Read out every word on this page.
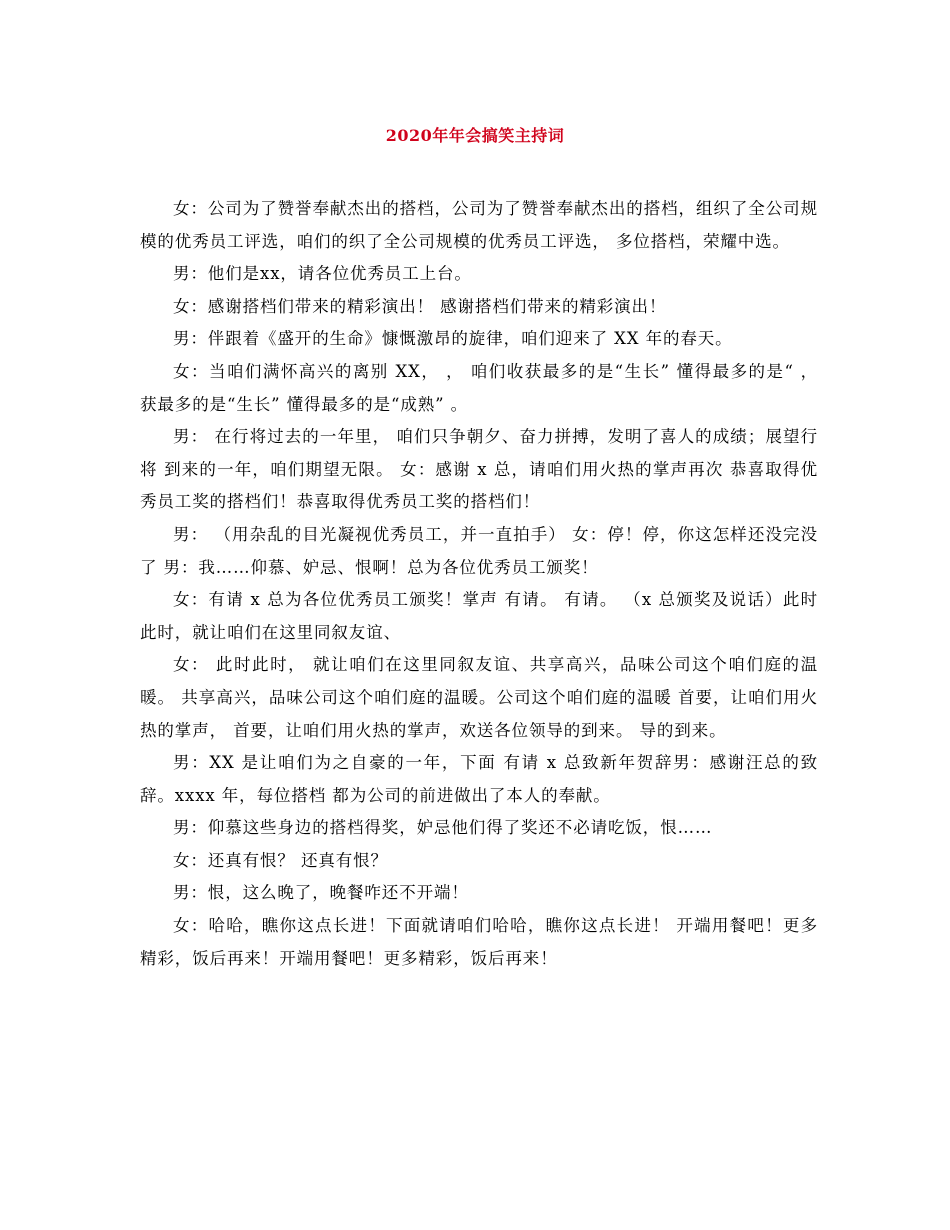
2020年年会搞笑主持词

女：公司为了赞誉奉献杰出的搭档，公司为了赞誉奉献杰出的搭档，组织了全公司规模的优秀员工评选，咱们的织了全公司规模的优秀员工评选， 多位搭档，荣耀中选。

男：他们是xx，请各位优秀员工上台。

女：感谢搭档们带来的精彩演出！ 感谢搭档们带来的精彩演出！

男：伴跟着《盛开的生命》慷慨激昂的旋律，咱们迎来了 XX 年的春天。

女：当咱们满怀高兴的离别 XX， ， 咱们收获最多的是“生长” 懂得最多的是“ ， 获最多的是“生长” 懂得最多的是“成熟” 。

男： 在行将过去的一年里， 咱们只争朝夕、奋力拼搏，发明了喜人的成绩；展望行将 到来的一年，咱们期望无限。 女：感谢 x 总，请咱们用火热的掌声再次 恭喜取得优秀员工奖的搭档们！恭喜取得优秀员工奖的搭档们！

男： （用杂乱的目光凝视优秀员工，并一直拍手） 女：停！停，你这怎样还没完没了 男：我……仰慕、妒忌、恨啊！总为各位优秀员工颁奖！

女：有请 x 总为各位优秀员工颁奖！掌声 有请。 有请。 （x 总颁奖及说话）此时此时，就让咱们在这里同叙友谊、

女： 此时此时， 就让咱们在这里同叙友谊、共享高兴，品味公司这个咱们庭的温暖。 共享高兴，品味公司这个咱们庭的温暖。公司这个咱们庭的温暖 首要，让咱们用火热的掌声， 首要，让咱们用火热的掌声，欢送各位领导的到来。 导的到来。

男：XX 是让咱们为之自豪的一年，下面 有请 x 总致新年贺辞男：感谢汪总的致辞。xxxx 年，每位搭档 都为公司的前进做出了本人的奉献。

男：仰慕这些身边的搭档得奖，妒忌他们得了奖还不必请吃饭，恨……

女：还真有恨？ 还真有恨？

男：恨，这么晚了，晚餐咋还不开端！

女：哈哈，瞧你这点长进！下面就请咱们哈哈，瞧你这点长进！ 开端用餐吧！更多精彩，饭后再来！开端用餐吧！更多精彩，饭后再来！
